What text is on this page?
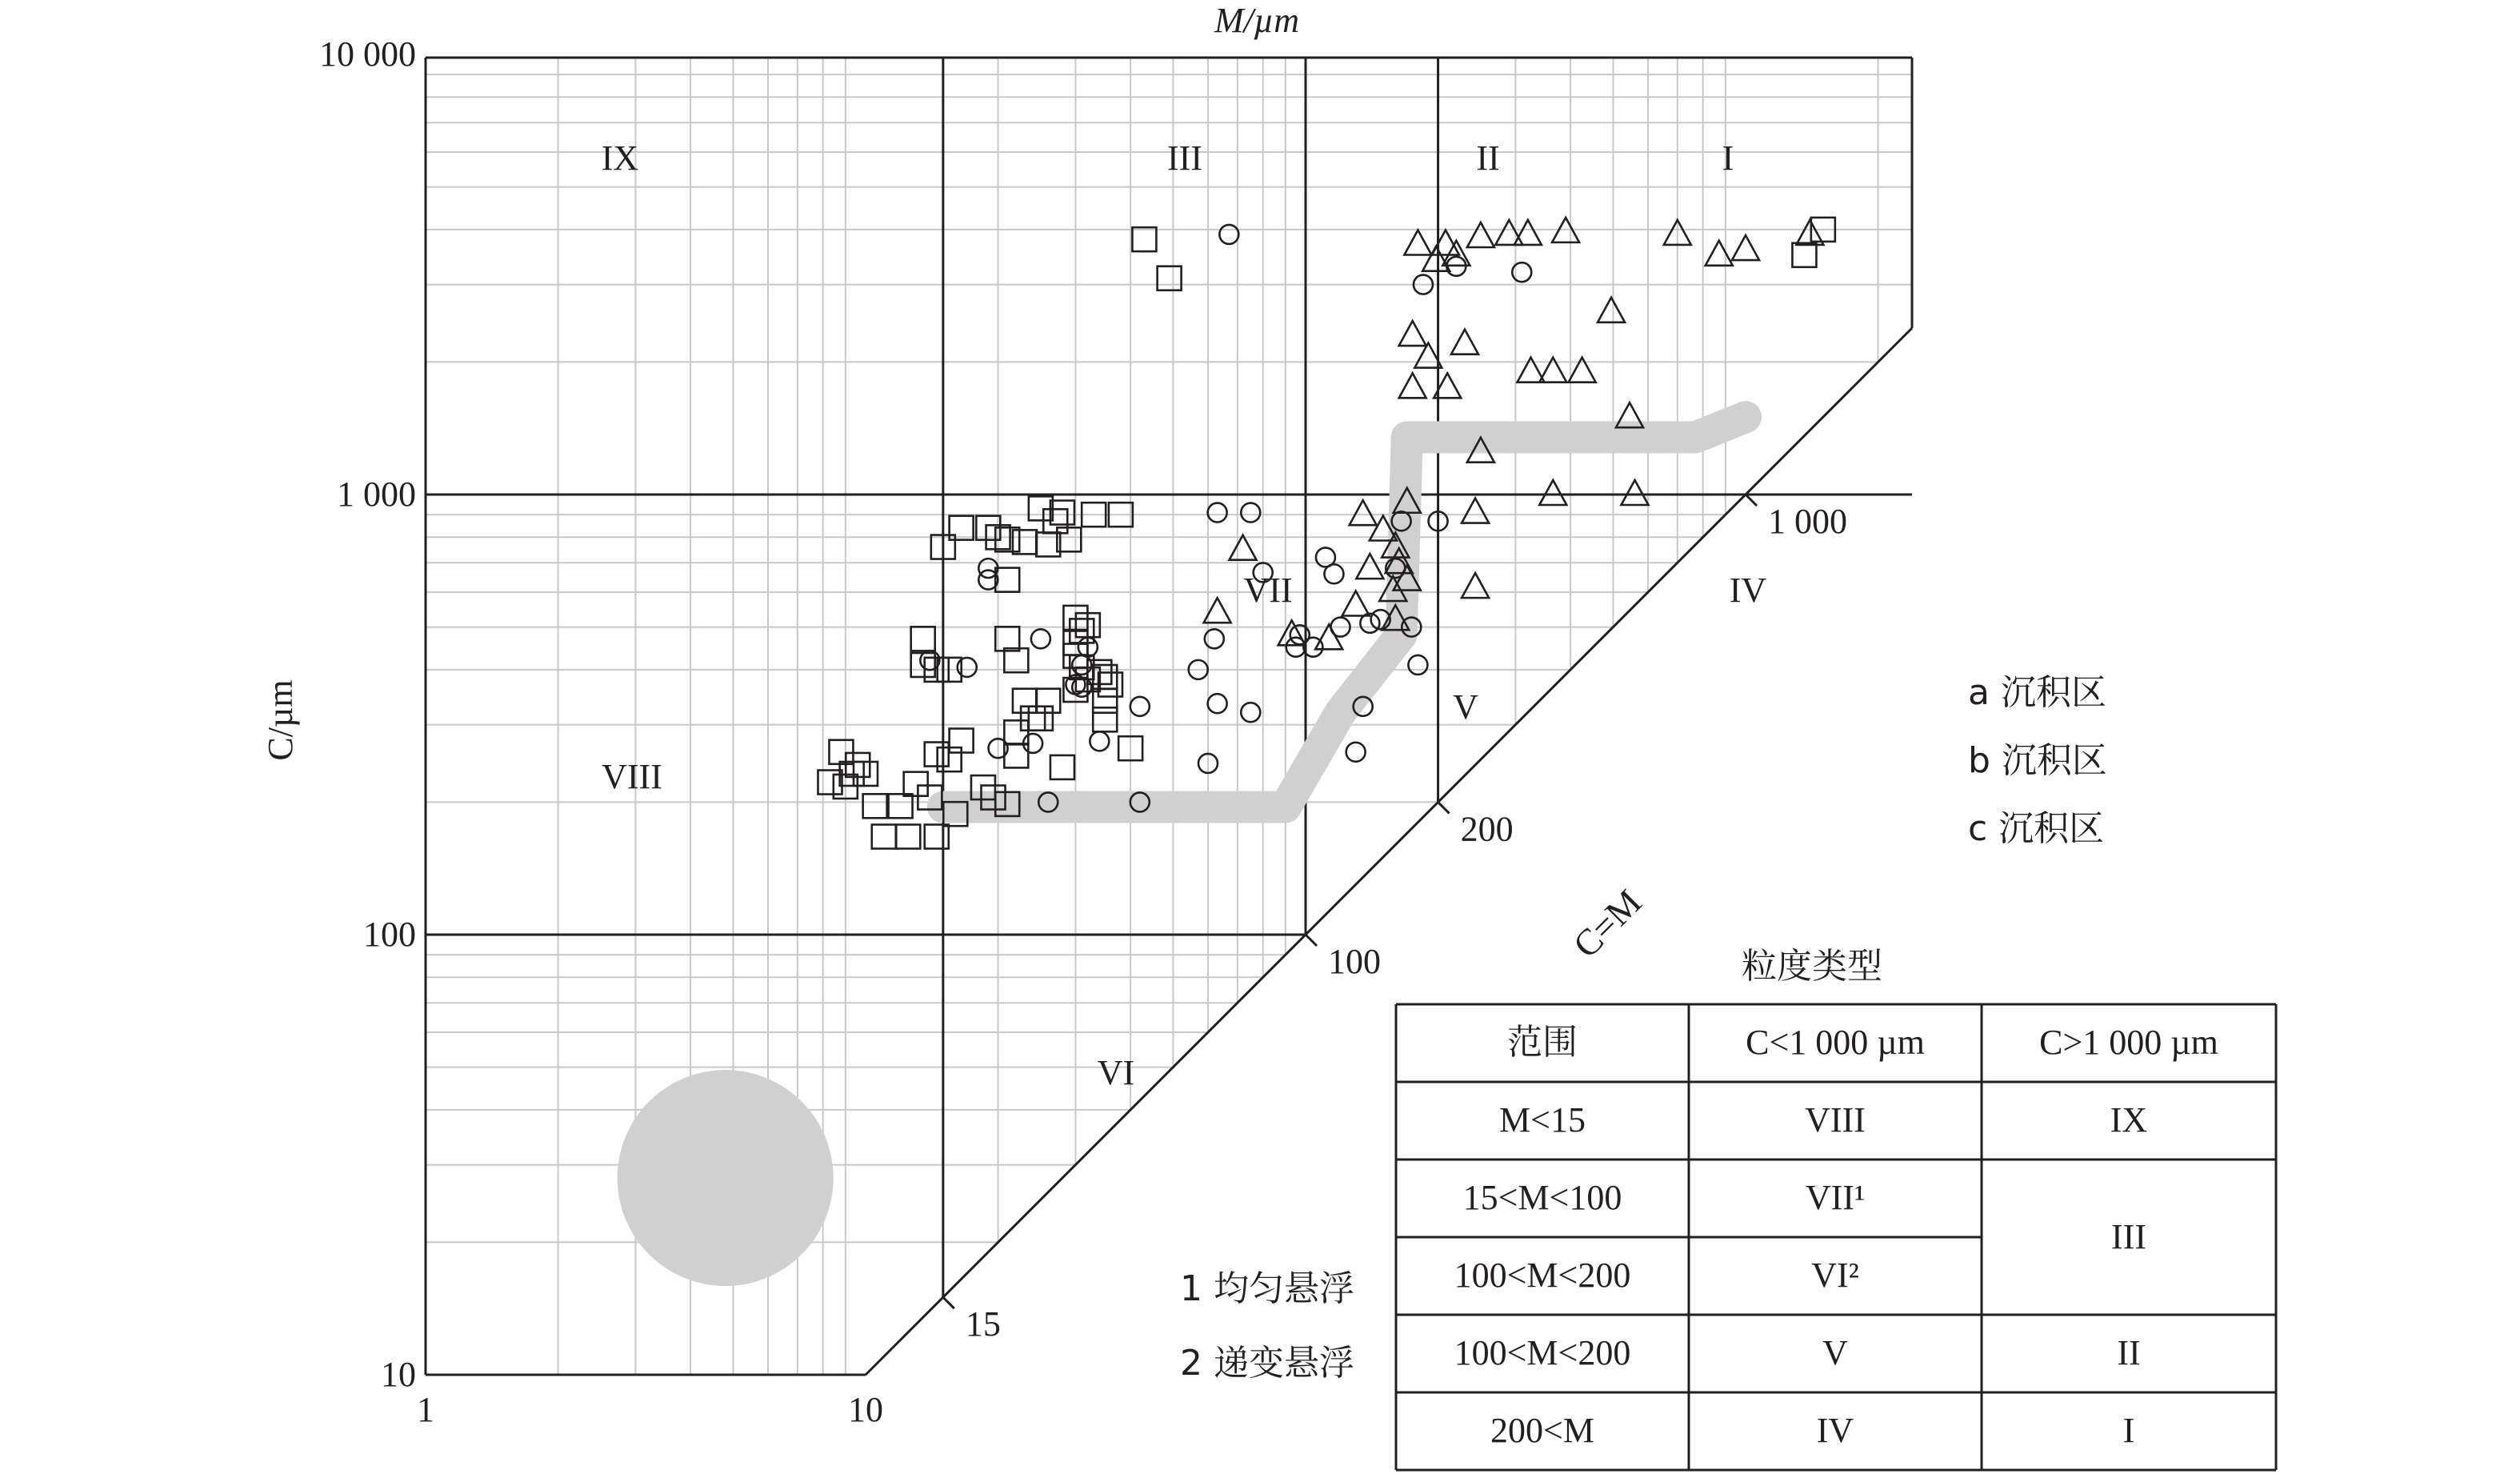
15
100
200
1 000
10
100
1 000
10 000
1	10
M/µm
C/µm
C=M
IX	III	II	I
VII	IV
V
VIII
VI
a 沉积区
b 沉积区
c 沉积区
1 均匀悬浮
2 递变悬浮
粒度类型
范围	C<1 000 µm	C>1 000 µm
M<15	VIII	IX
15<M<100	VII¹
III
100<M<200	VI²
100<M<200	V	II
200<M	IV	I
